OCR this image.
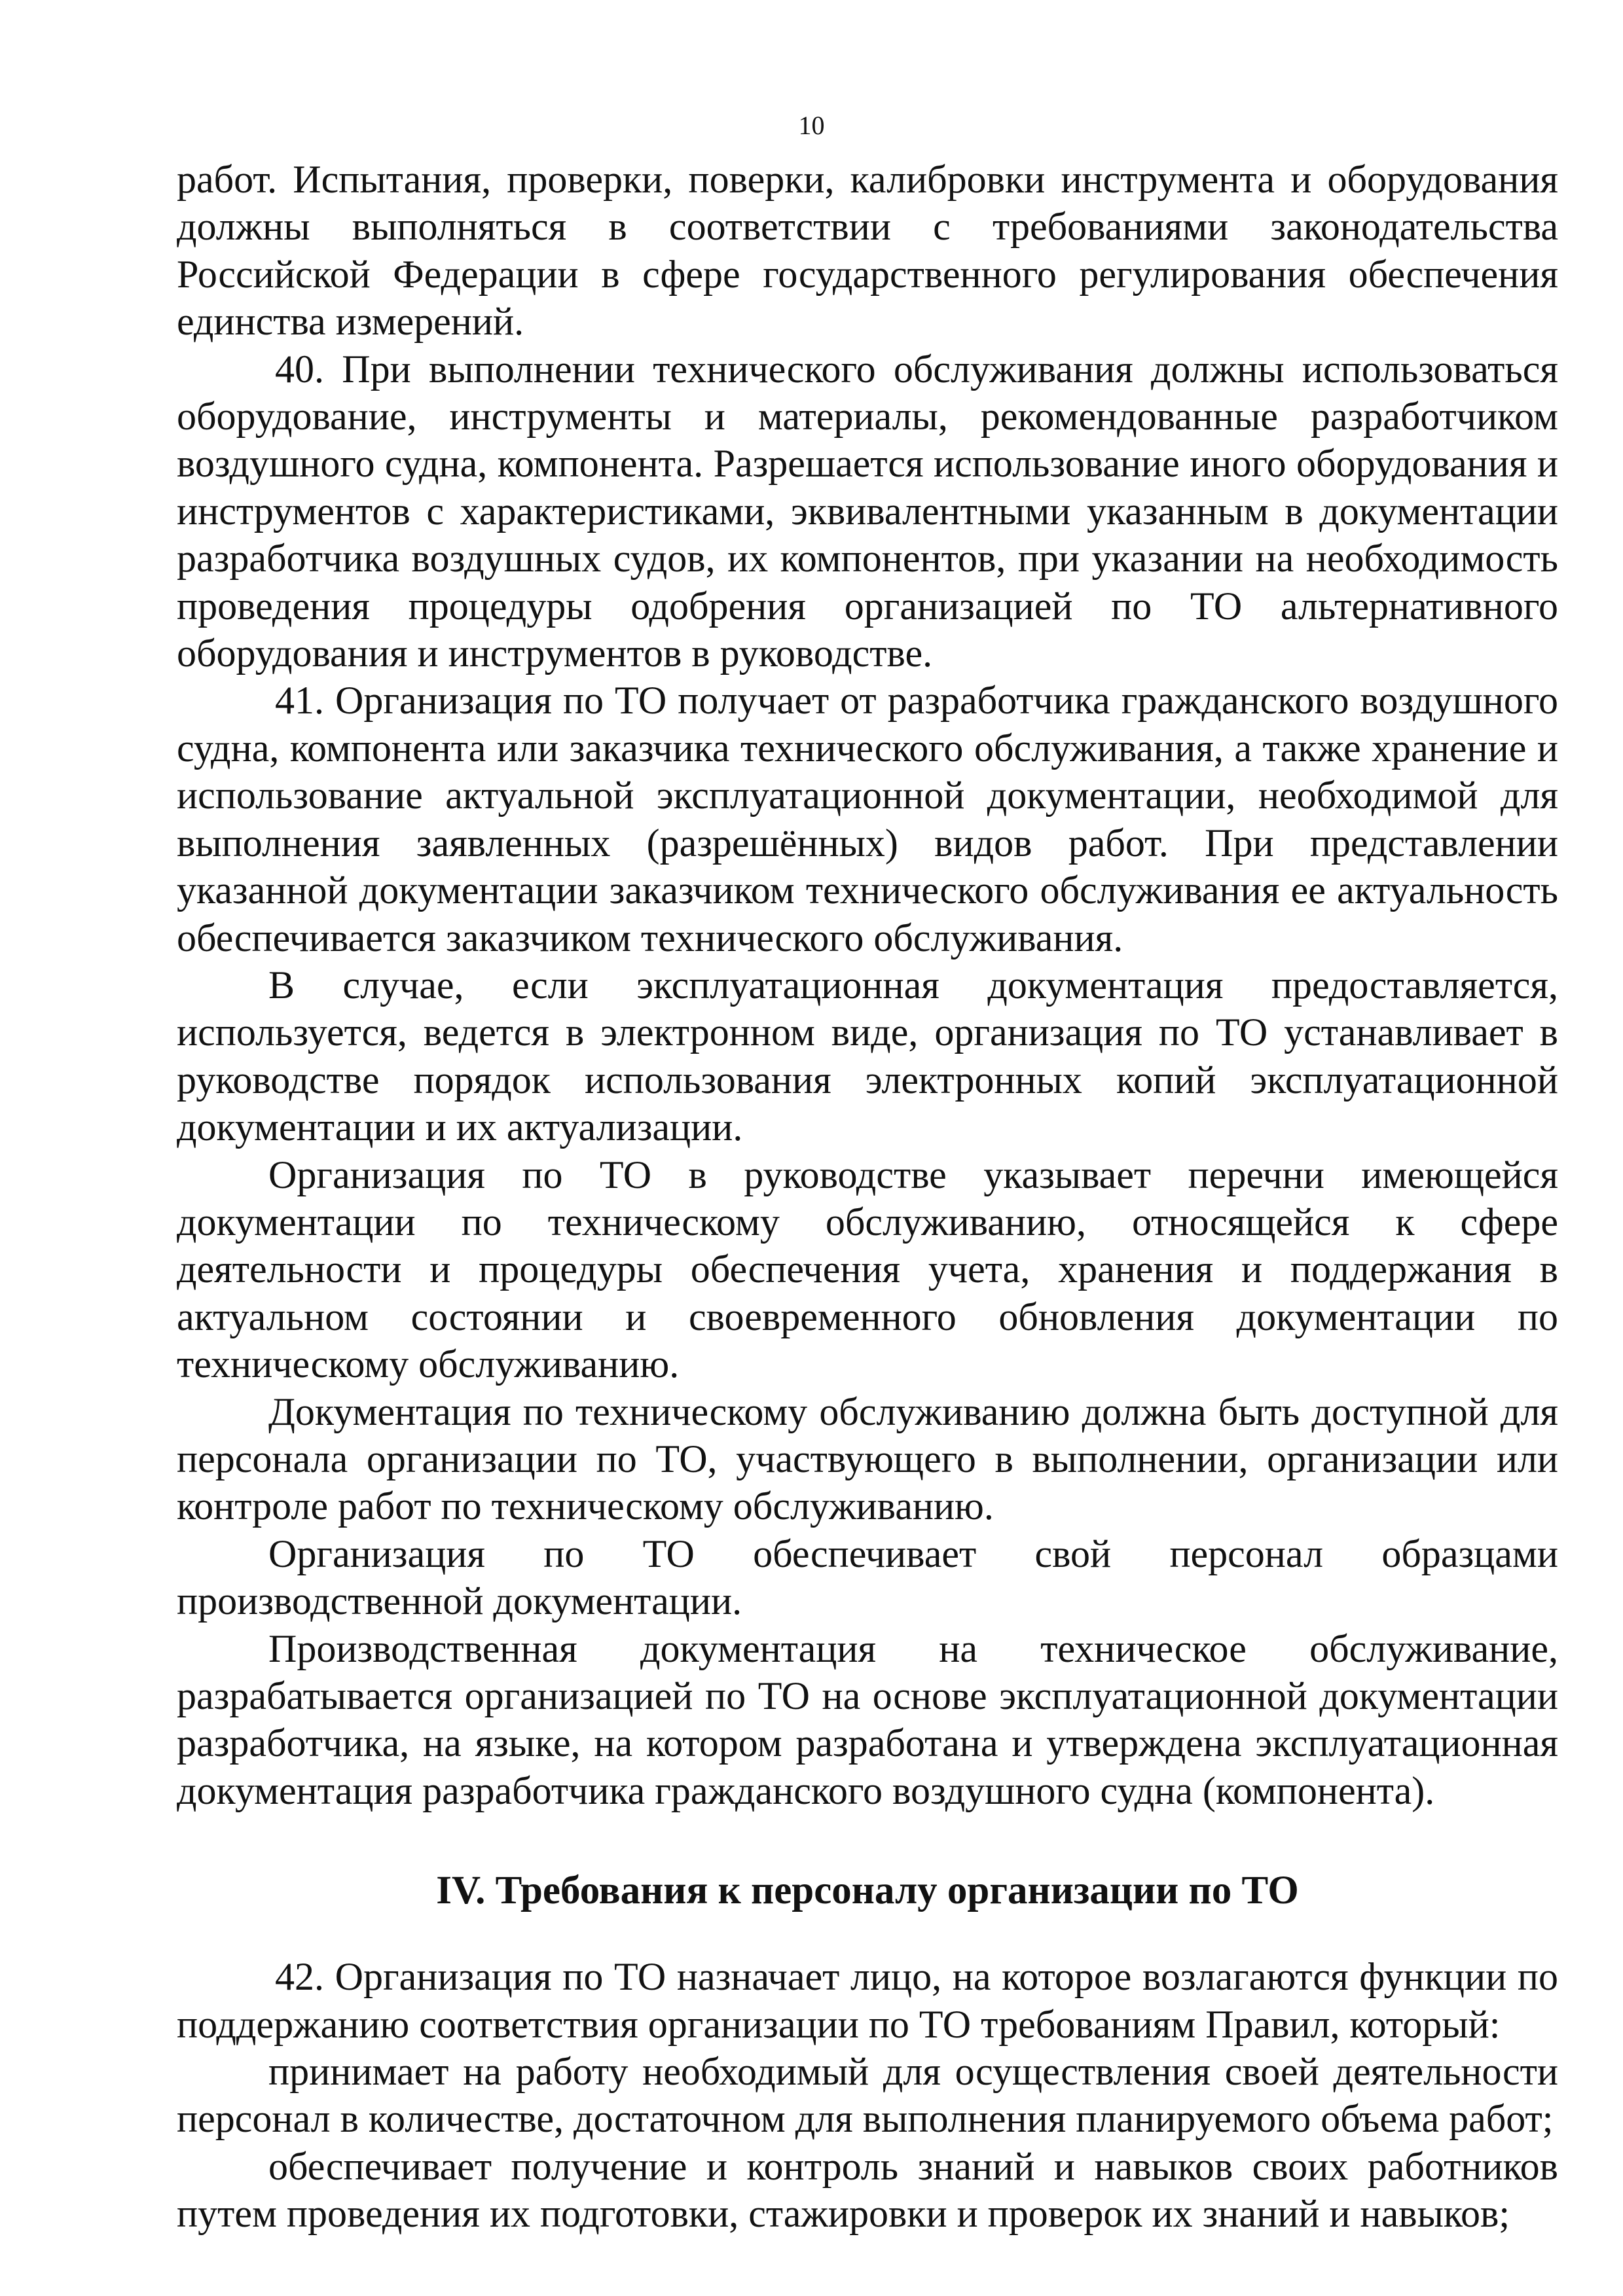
10

работ. Испытания, проверки, поверки, калибровки инструмента и оборудования должны выполняться в соответствии с требованиями законодательства Российской Федерации в сфере государственного регулирования обеспечения единства измерений.

40. При выполнении технического обслуживания должны использоваться оборудование, инструменты и материалы, рекомендованные разработчиком воздушного судна, компонента. Разрешается использование иного оборудования и инструментов с характеристиками, эквивалентными указанным в документации разработчика воздушных судов, их компонентов, при указании на необходимость проведения процедуры одобрения организацией по ТО альтернативного оборудования и инструментов в руководстве.

41. Организация по ТО получает от разработчика гражданского воздушного судна, компонента или заказчика технического обслуживания, а также хранение и использование актуальной эксплуатационной документации, необходимой для выполнения заявленных (разрешённых) видов работ. При представлении указанной документации заказчиком технического обслуживания ее актуальность обеспечивается заказчиком технического обслуживания.

В случае, если эксплуатационная документация предоставляется, используется, ведется в электронном виде, организация по ТО устанавливает в руководстве порядок использования электронных копий эксплуатационной документации и их актуализации.

Организация по ТО в руководстве указывает перечни имеющейся документации по техническому обслуживанию, относящейся к сфере деятельности и процедуры обеспечения учета, хранения и поддержания в актуальном состоянии и своевременного обновления документации по техническому обслуживанию.

Документация по техническому обслуживанию должна быть доступной для персонала организации по ТО, участвующего в выполнении, организации или контроле работ по техническому обслуживанию.

Организация по ТО обеспечивает свой персонал образцами производственной документации.

Производственная документация на техническое обслуживание, разрабатывается организацией по ТО на основе эксплуатационной документации разработчика, на языке, на котором разработана и утверждена эксплуатационная документация разработчика гражданского воздушного судна (компонента).

IV. Требования к персоналу организации по ТО

42. Организация по ТО назначает лицо, на которое возлагаются функции по поддержанию соответствия организации по ТО требованиям Правил, который:

принимает на работу необходимый для осуществления своей деятельности персонал в количестве, достаточном для выполнения планируемого объема работ;

обеспечивает получение и контроль знаний и навыков своих работников путем проведения их подготовки, стажировки и проверок их знаний и навыков;
